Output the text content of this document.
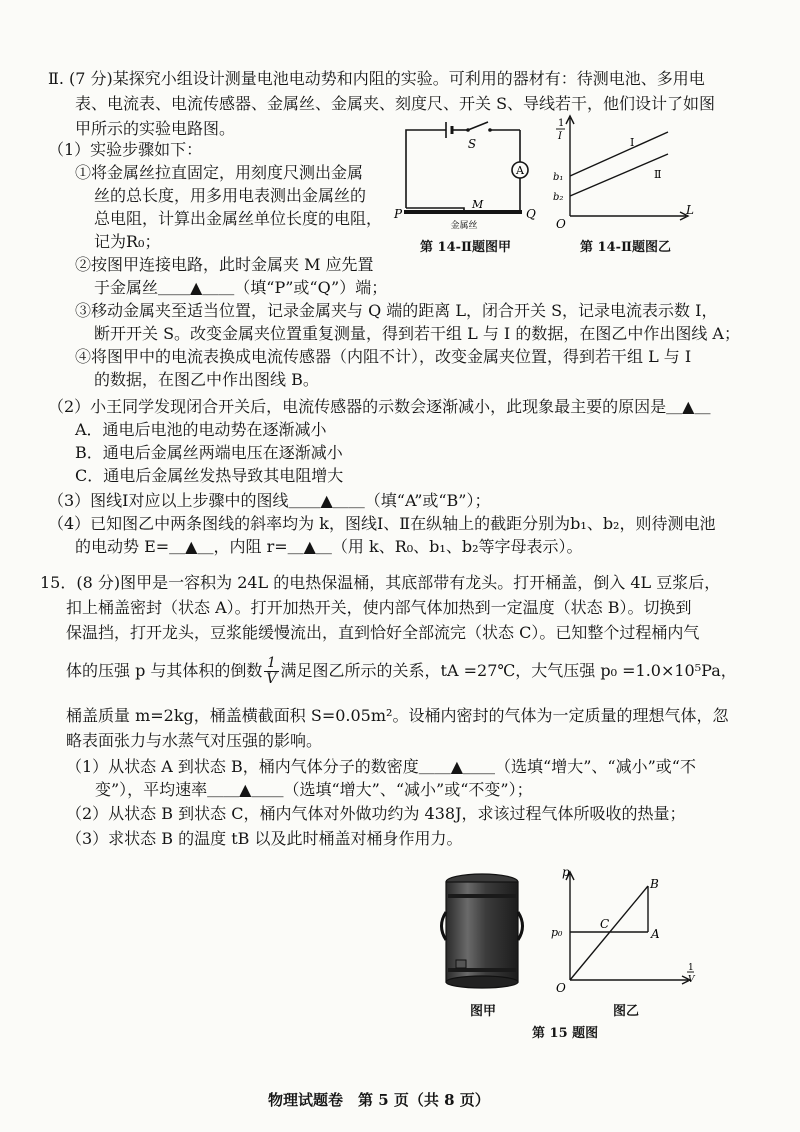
Ⅱ. (7 分)某探究小组设计测量电池电动势和内阻的实验。可利用的器材有：待测电池、多用电
表、电流表、电流传感器、金属丝、金属夹、刻度尺、开关 S、导线若干，他们设计了如图
甲所示的实验电路图。
（1）实验步骤如下：
①将金属丝拉直固定，用刻度尺测出金属
丝的总长度，用多用电表测出金属丝的
总电阻，计算出金属丝单位长度的电阻，
记为R₀；
②按图甲连接电路，此时金属夹 M 应先置
于金属丝＿＿▲＿＿（填“P”或“Q”）端；
③移动金属夹至适当位置，记录金属夹与 Q 端的距离 L，闭合开关 S，记录电流表示数 I，
断开开关 S。改变金属夹位置重复测量，得到若干组 L 与 I 的数据，在图乙中作出图线 A；
④将图甲中的电流表换成电流传感器（内阻不计），改变金属夹位置，得到若干组 L 与 I
的数据，在图乙中作出图线 B。
（2）小王同学发现闭合开关后，电流传感器的示数会逐渐减小，此现象最主要的原因是＿▲＿
A．通电后电池的电动势在逐渐减小
B．通电后金属丝两端电压在逐渐减小
C．通电后金属丝发热导致其电阻增大
（3）图线Ⅰ对应以上步骤中的图线＿＿▲＿＿（填“A”或“B”）；
（4）已知图乙中两条图线的斜率均为 k，图线Ⅰ、Ⅱ在纵轴上的截距分别为b₁、b₂，则待测电池
的电动势 E=＿▲＿，内阻 r=＿▲＿（用 k、R₀、b₁、b₂等字母表示）。
S
A
M
P	Q
金属丝
第 14-Ⅱ题图甲
1
I
L
O
Ⅰ
Ⅱ
b₁
b₂
第 14-Ⅱ题图乙
15．(8 分)图甲是一容积为 24L 的电热保温桶，其底部带有龙头。打开桶盖，倒入 4L 豆浆后，
扣上桶盖密封（状态 A）。打开加热开关，使内部气体加热到一定温度（状态 B）。切换到
保温挡，打开龙头，豆浆能缓慢流出，直到恰好全部流完（状态 C）。已知整个过程桶内气
体的压强 p 与其体积的倒数 $\frac{1}{V}$ 满足图乙所示的关系，tA =27℃，大气压强 p₀ =1.0×10⁵Pa，
桶盖质量 m=2kg，桶盖横截面积 S=0.05m²。设桶内密封的气体为一定质量的理想气体，忽
略表面张力与水蒸气对压强的影响。
（1）从状态 A 到状态 B，桶内气体分子的数密度＿＿▲＿＿（选填“增大”、“减小”或“不
变”），平均速率＿＿▲＿＿（选填“增大”、“减小”或“不变”）；
（2）从状态 B 到状态 C，桶内气体对外做功约为 438J，求该过程气体所吸收的热量；
（3）求状态 B 的温度 tB 以及此时桶盖对桶身作用力。
图甲
p
1
V
O
p₀	A
B
C
图乙
第 15 题图
物理试题卷　第 5 页（共 8 页）
